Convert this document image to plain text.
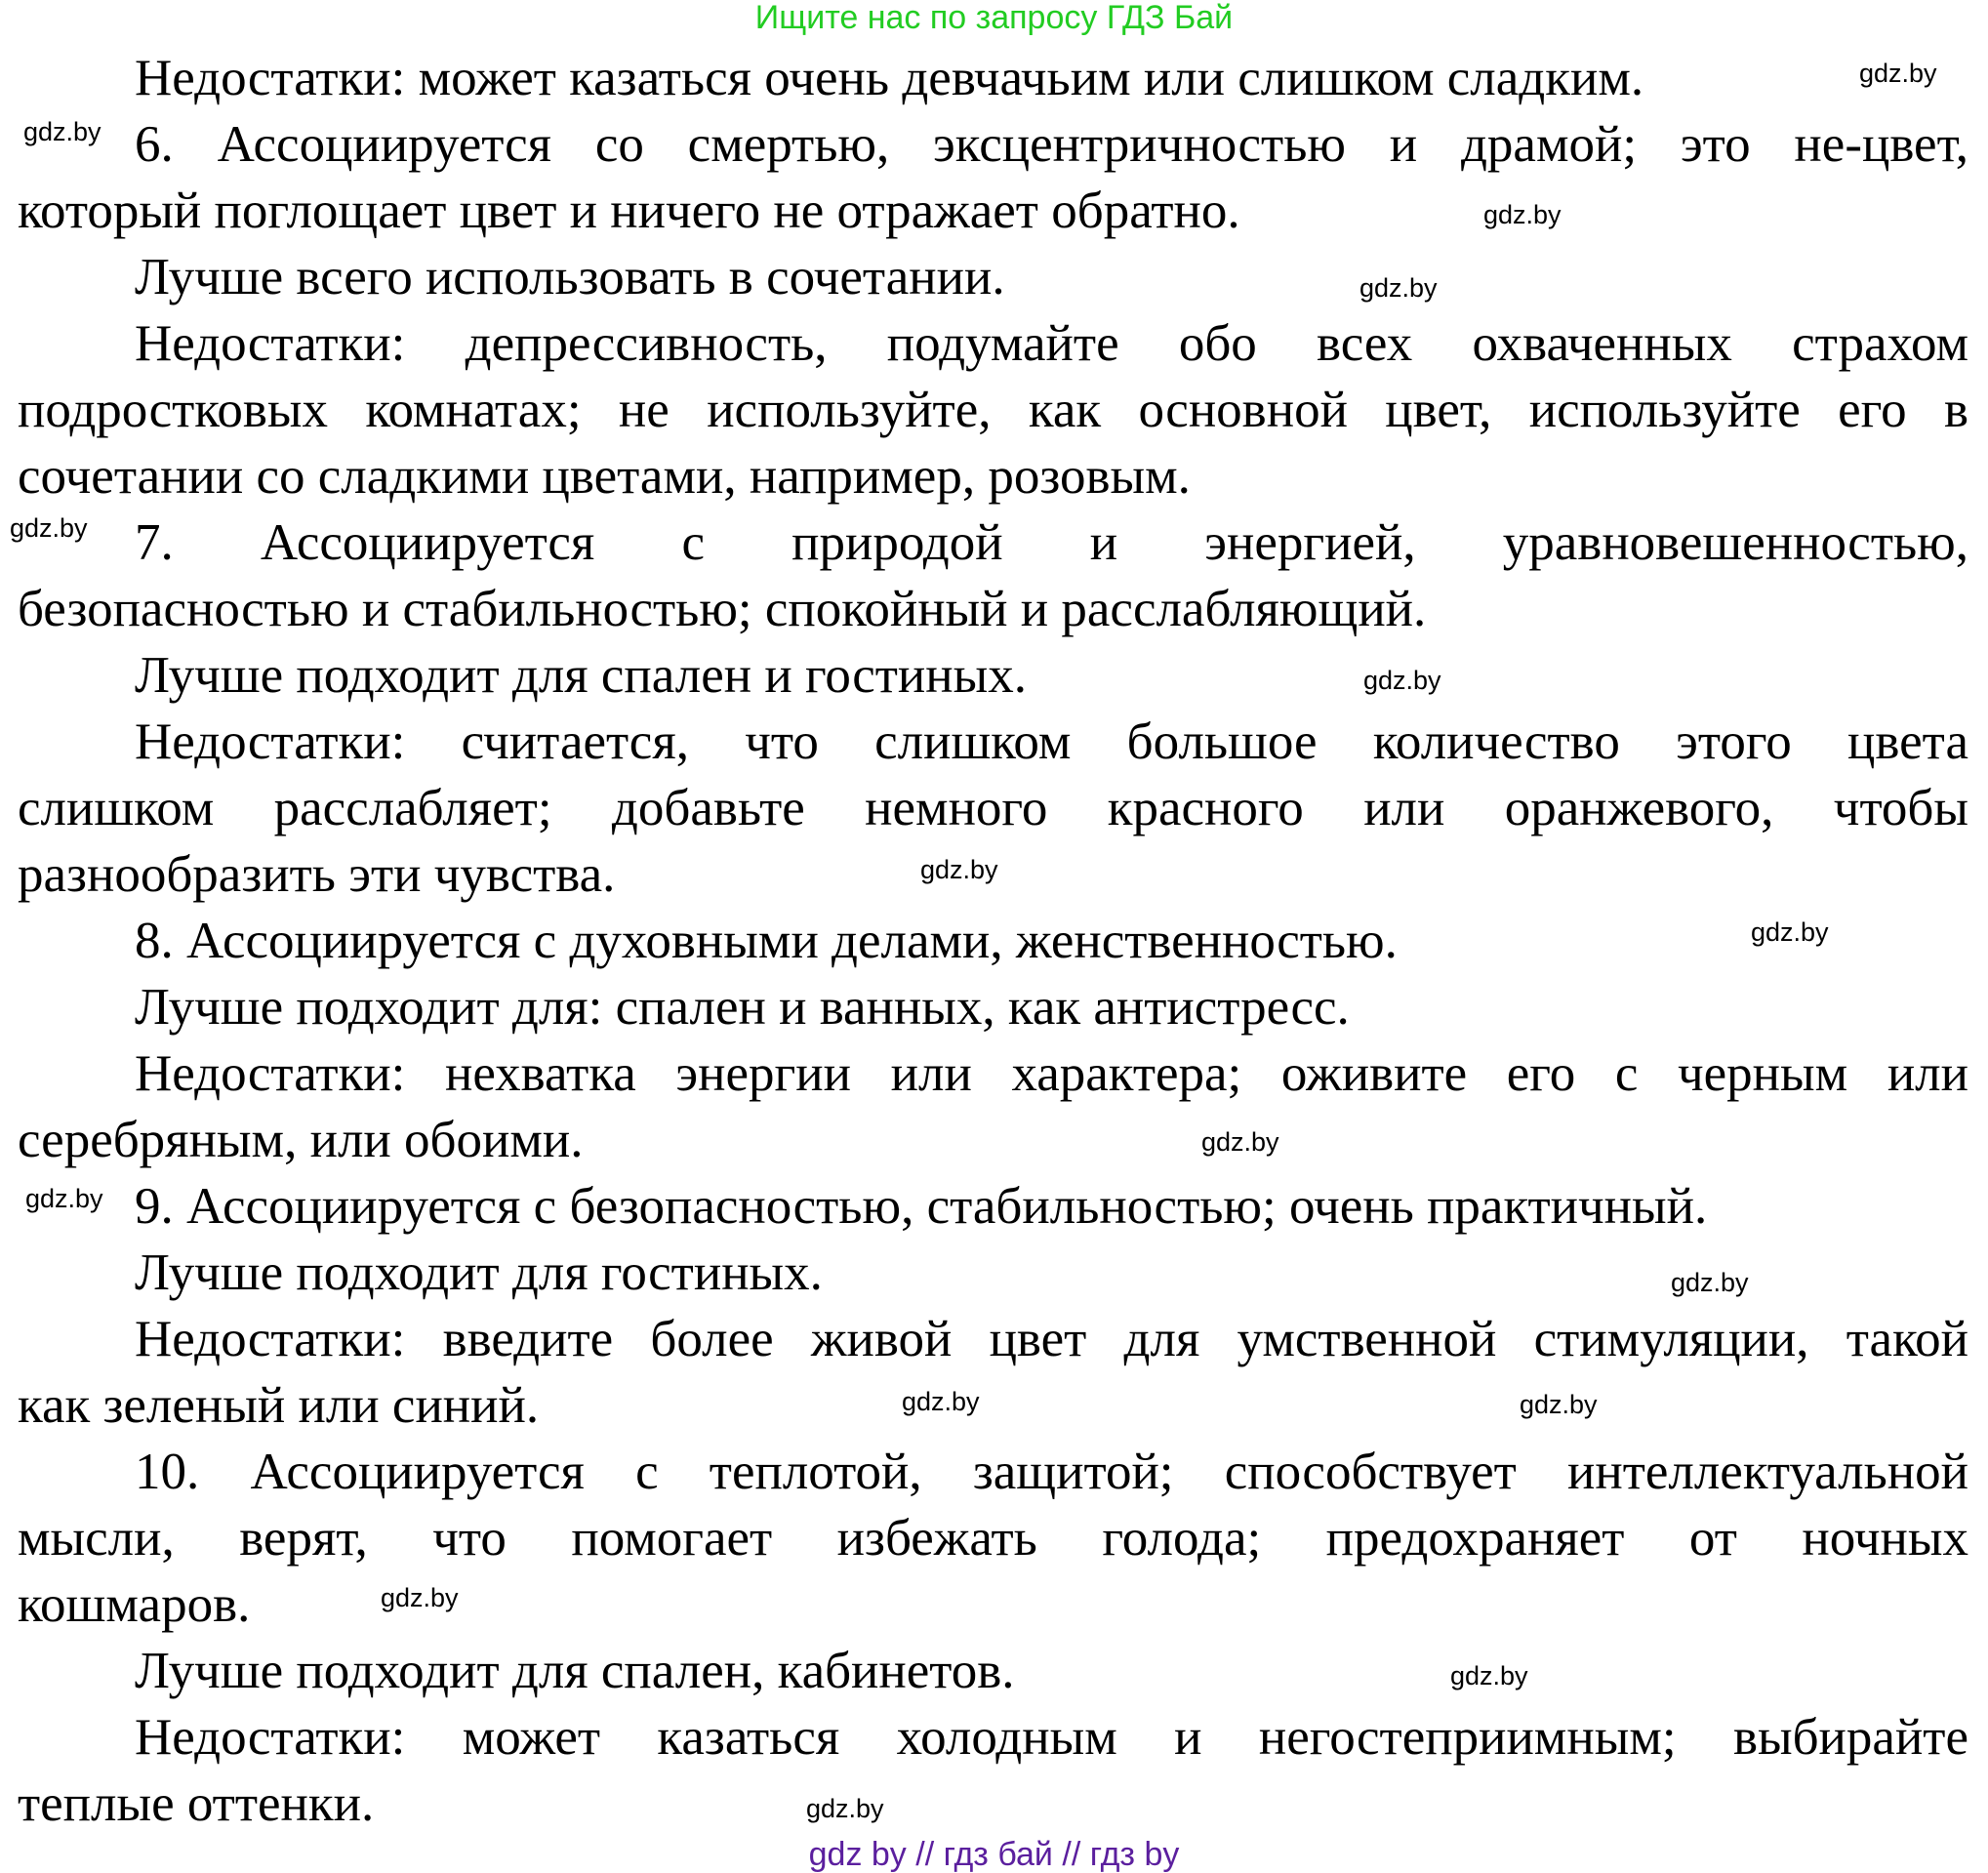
Ищите нас по запросу ГДЗ Бай
Недостатки: может казаться очень девчачьим или слишком сладким.
6. Ассоциируется со смертью, эксцентричностью и драмой; это не-цвет,
который поглощает цвет и ничего не отражает обратно.
Лучше всего использовать в сочетании.
Недостатки: депрессивность, подумайте обо всех охваченных страхом
подростковых комнатах; не используйте, как основной цвет, используйте его в
сочетании со сладкими цветами, например, розовым.
7. Ассоциируется с природой и энергией, уравновешенностью,
безопасностью и стабильностью; спокойный и расслабляющий.
Лучше подходит для спален и гостиных.
Недостатки: считается, что слишком большое количество этого цвета
слишком расслабляет; добавьте немного красного или оранжевого, чтобы
разнообразить эти чувства.
8. Ассоциируется с духовными делами, женственностью.
Лучше подходит для: спален и ванных, как антистресс.
Недостатки: нехватка энергии или характера; оживите его с черным или
серебряным, или обоими.
9. Ассоциируется с безопасностью, стабильностью; очень практичный.
Лучше подходит для гостиных.
Недостатки: введите более живой цвет для умственной стимуляции, такой
как зеленый или синий.
10. Ассоциируется с теплотой, защитой; способствует интеллектуальной
мысли, верят, что помогает избежать голода; предохраняет от ночных
кошмаров.
Лучше подходит для спален, кабинетов.
Недостатки: может казаться холодным и негостеприимным; выбирайте
теплые оттенки.
gdz by // гдз бай // гдз by
gdz.by
gdz.by
gdz.by
gdz.by
gdz.by
gdz.by
gdz.by
gdz.by
gdz.by
gdz.by
gdz.by
gdz.by	gdz.by
gdz.by
gdz.by
gdz.by
